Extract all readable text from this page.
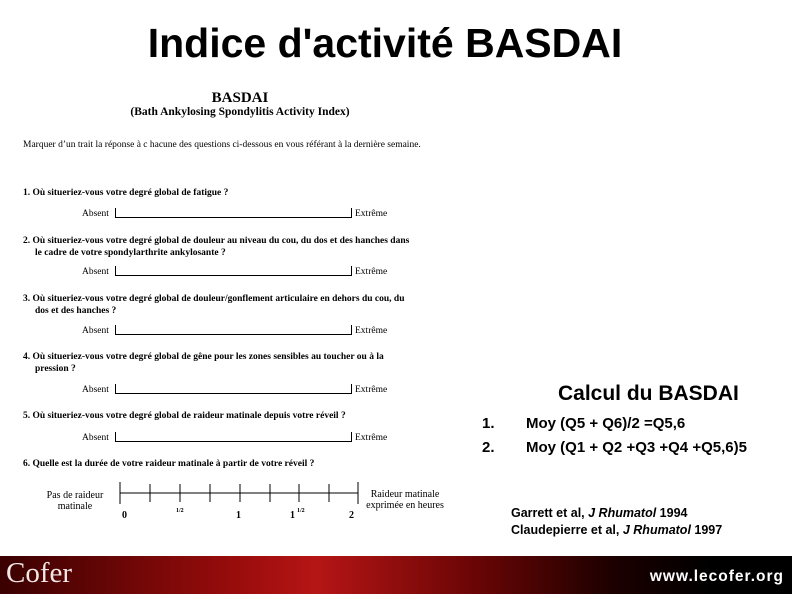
Indice d'activité BASDAI
BASDAI
(Bath Ankylosing Spondylitis Activity Index)
Marquer d’un trait la réponse à c hacune des questions ci-dessous en vous référant à la dernière semaine.
1. Où situeriez-vous votre degré global de fatigue ?
Absent	Extrême
2. Où situeriez-vous votre degré global de douleur au niveau du cou, du dos et des hanches dans
le cadre de votre spondylarthrite ankylosante ?
Absent	Extrême
3. Où situeriez-vous votre degré global de douleur/gonflement articulaire en dehors du cou, du
dos et des hanches ?
Absent	Extrême
4. Où situeriez-vous votre degré global de gêne pour les zones sensibles au toucher ou à la
pression ?
Absent	Extrême
5. Où situeriez-vous votre degré global de raideur matinale depuis votre réveil ?
Absent	Extrême
6. Quelle est la durée de votre raideur matinale à partir de votre réveil ?
Pas de raideur
matinale
0	1/2	1	1 1/2	2
Raideur matinale
exprimée en heures
Calcul du BASDAI
1. Moy (Q5 + Q6)/2 =Q5,6
2. Moy (Q1 + Q2 +Q3 +Q4 +Q5,6)5
Garrett et al, J Rhumatol 1994
Claudepierre et al, J Rhumatol 1997
Cofer	www.lecofer.org
